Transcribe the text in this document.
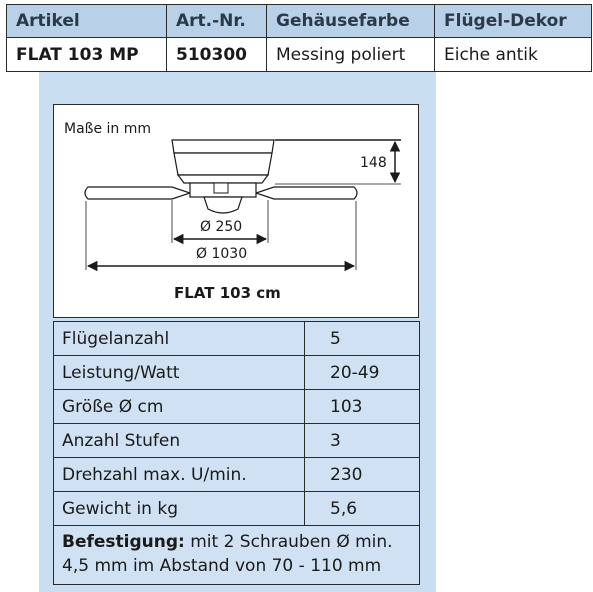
Artikel	Art.-Nr.	Gehäusefarbe	Flügel-Dekor
FLAT 103 MP	510300	Messing poliert	Eiche antik
Maße in mm
148
Ø 250
Ø 1030
FLAT 103 cm
Flügelanzahl	5
Leistung/Watt	20-49
Größe Ø cm	103
Anzahl Stufen	3
Drehzahl max. U/min.	230
Gewicht in kg	5,6
Befestigung: mit 2 Schrauben Ø min. 4,5 mm im Abstand von 70 - 110 mm	
